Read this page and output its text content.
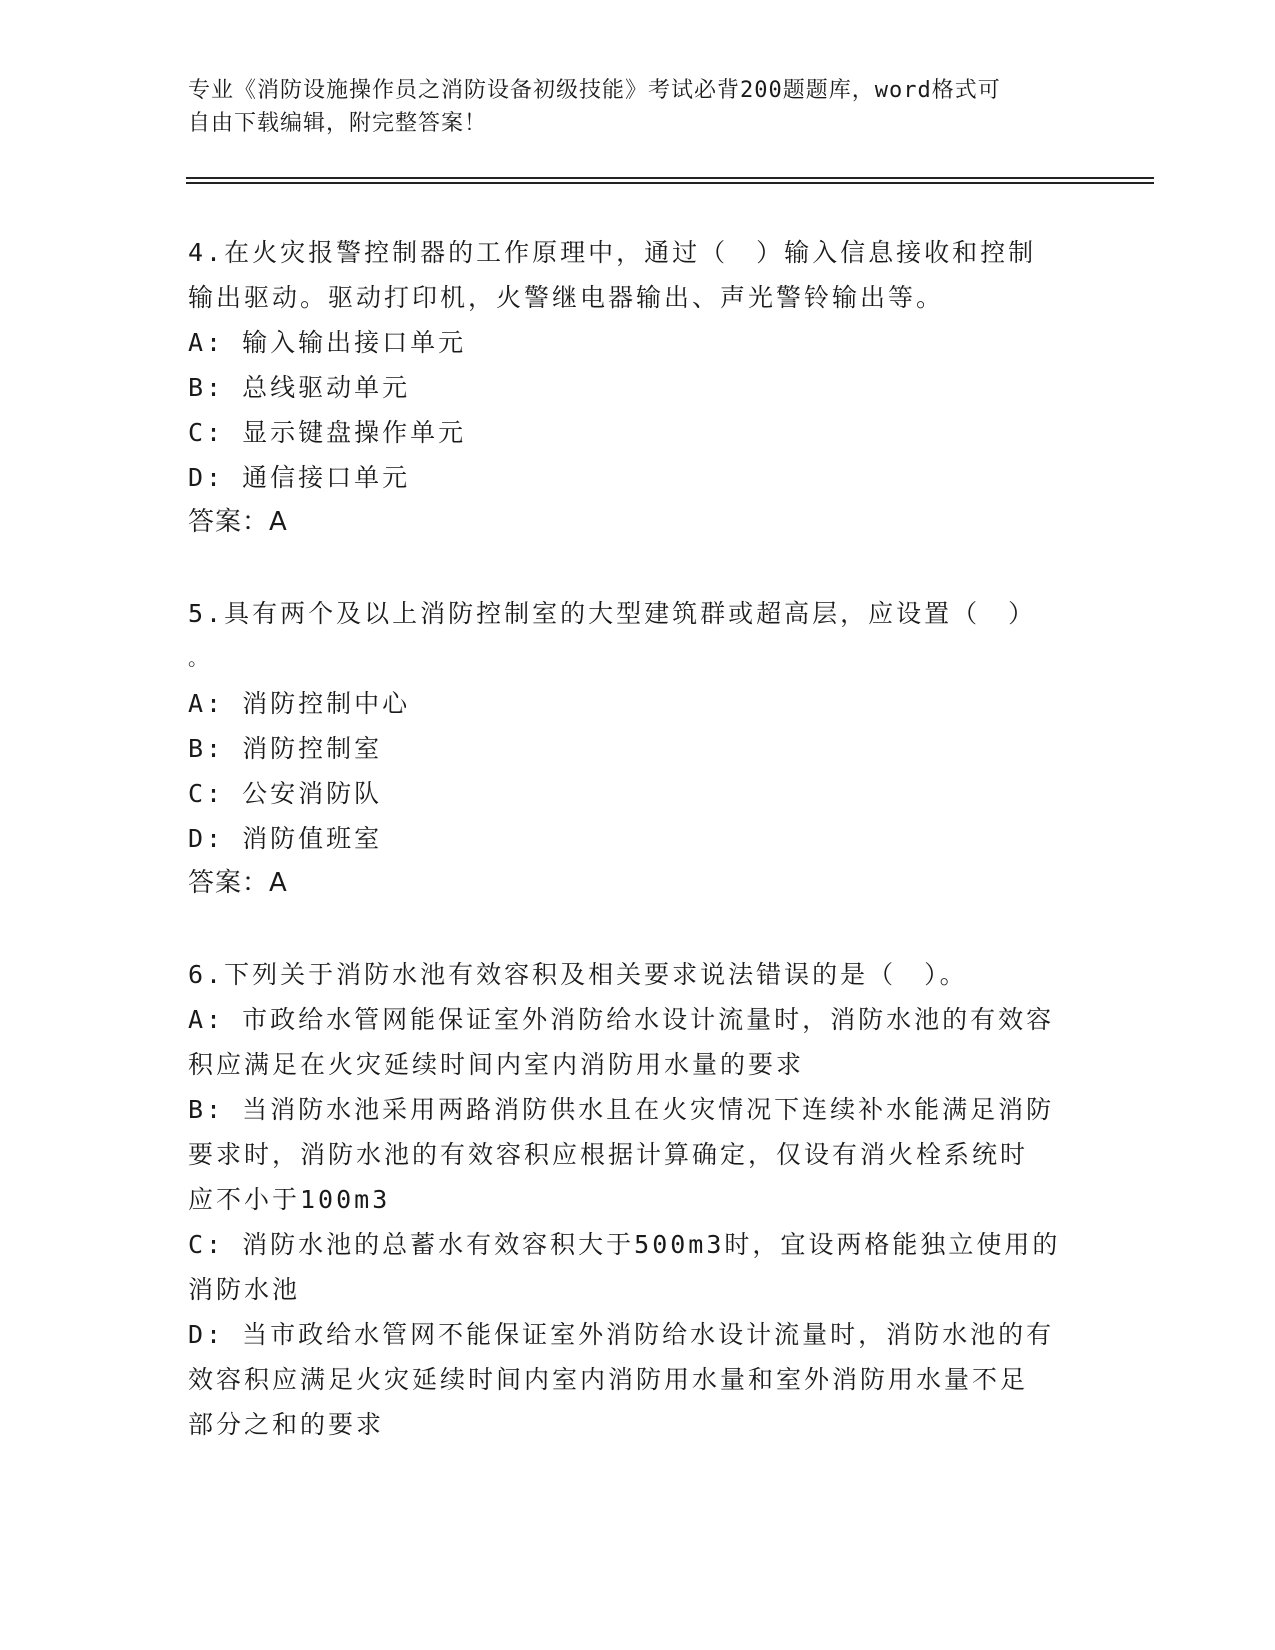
专业《消防设施操作员之消防设备初级技能》考试必背200题题库，word格式可
自由下载编辑，附完整答案！
4.在火灾报警控制器的工作原理中，通过（　）输入信息接收和控制
输出驱动。驱动打印机，火警继电器输出、声光警铃输出等。
A: 输入输出接口单元
B: 总线驱动单元
C: 显示键盘操作单元
D: 通信接口单元
答案：A
5.具有两个及以上消防控制室的大型建筑群或超高层，应设置（　）
。
A: 消防控制中心
B: 消防控制室
C: 公安消防队
D: 消防值班室
答案：A
6.下列关于消防水池有效容积及相关要求说法错误的是（　）。
A: 市政给水管网能保证室外消防给水设计流量时，消防水池的有效容
积应满足在火灾延续时间内室内消防用水量的要求
B: 当消防水池采用两路消防供水且在火灾情况下连续补水能满足消防
要求时，消防水池的有效容积应根据计算确定，仅设有消火栓系统时
应不小于100m3
C: 消防水池的总蓄水有效容积大于500m3时，宜设两格能独立使用的
消防水池
D: 当市政给水管网不能保证室外消防给水设计流量时，消防水池的有
效容积应满足火灾延续时间内室内消防用水量和室外消防用水量不足
部分之和的要求
